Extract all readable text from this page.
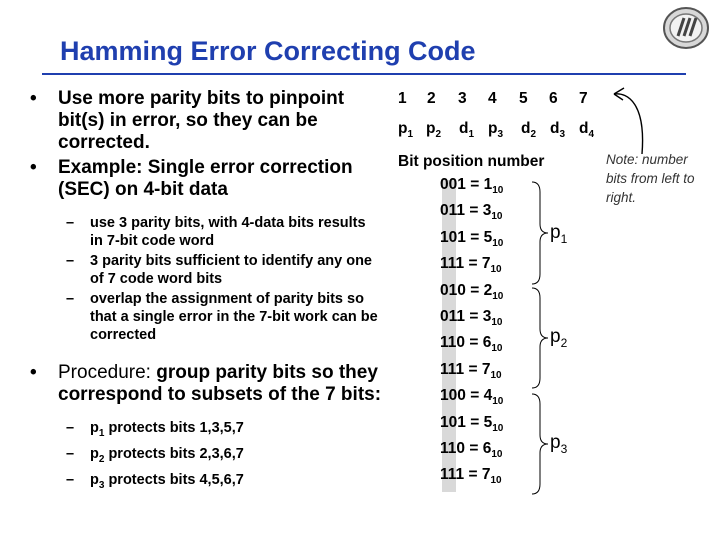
Hamming Error Correcting Code
• Use more parity bits to pinpoint bit(s) in error, so they can be corrected.
• Example: Single error correction (SEC) on 4-bit data
– use 3 parity bits, with 4-data bits results in 7-bit code word
– 3 parity bits sufficient to identify any one of 7 code word bits
– overlap the assignment of parity bits so that a single error in the 7-bit work can be corrected
• Procedure: group parity bits so they correspond to subsets of the 7 bits:
– $p_1$ protects bits 1,3,5,7
– $p_2$ protects bits 2,3,6,7
– $p_3$ protects bits 4,5,6,7
1 2 3 4 5 6 7
$p_1$ $p_2$ $d_1$ $p_3$ $d_2$ $d_3$ $d_4$
Bit position number
$001 = 1_{10}$
$011 = 3_{10}$
$101 = 5_{10}$
$111 = 7_{10}$
$010 = 2_{10}$
$011 = 3_{10}$
$110 = 6_{10}$
$111 = 7_{10}$
$100 = 4_{10}$
$101 = 5_{10}$
$110 = 6_{10}$
$111 = 7_{10}$
$p_1$
$p_2$
$p_3$
Note: number bits from left to right.
